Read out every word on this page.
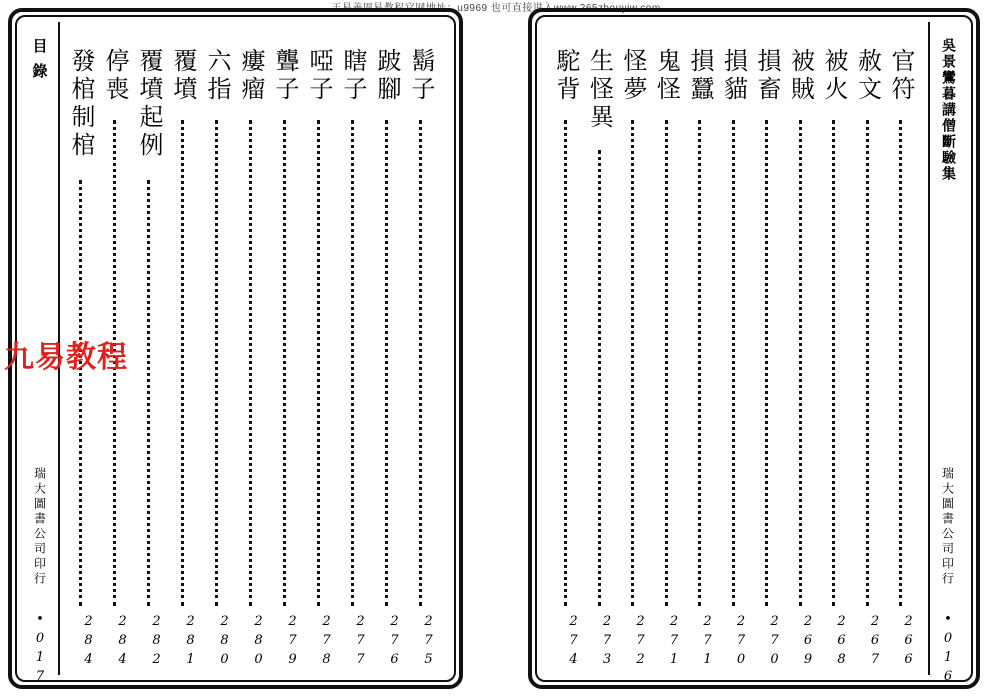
王易善周易教程官网地址：u9969 也可直接进入www.265zhouyiw.com
目錄
瑞大圖書公司印行
•017
鬍子
275
跛腳
276
瞎子
277
啞子
278
聾子
279
瘻瘤
280
六指
280
覆墳
281
覆墳起例
282
停喪
284
發棺制棺
284
吳景鸞暮講僧斷驗集
瑞大圖書公司印行
•016
官符
266
赦文
267
被火
268
被賊
269
損畜
270
損貓
270
損蠶
271
鬼怪
271
怪夢
272
生怪異
273
駝背
274
九易教程
